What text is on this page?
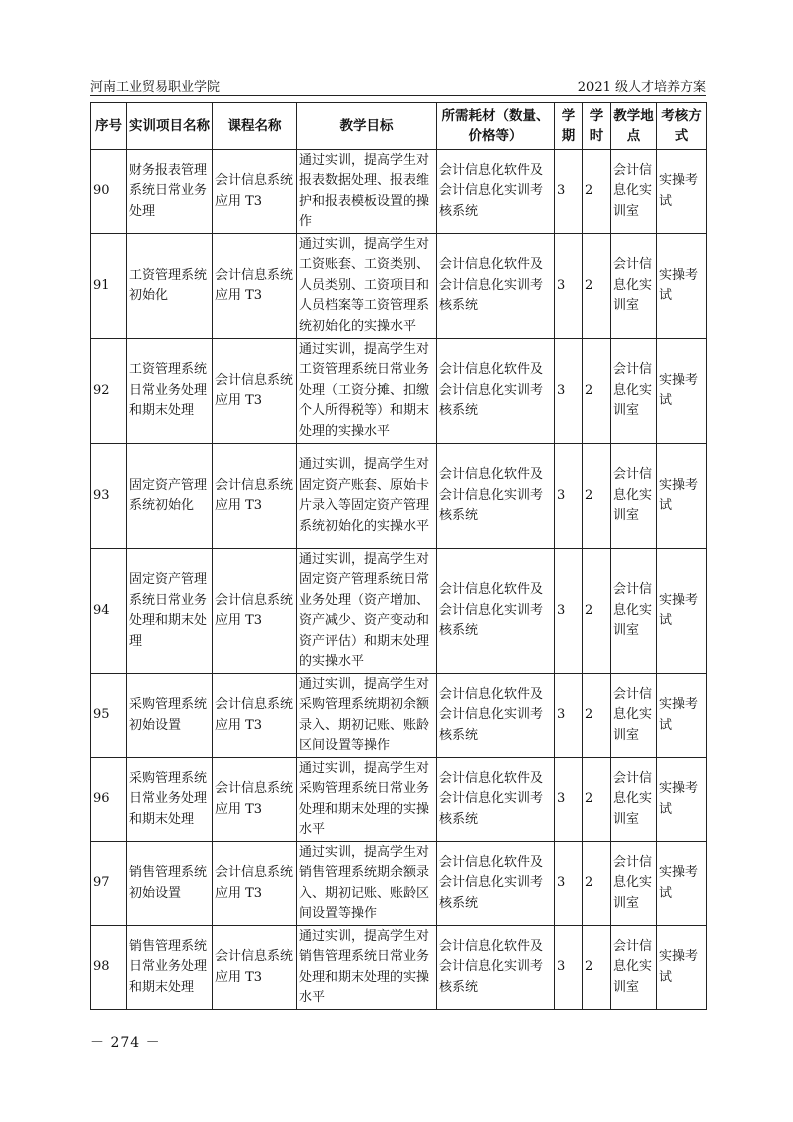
河南工业贸易职业学院	2021 级人才培养方案
序号	实训项目名称	课程名称	教学目标	所需耗材（数量、价格等）	学期	学时	教学地点	考核方式
90	财务报表管理系统日常业务处理	会计信息系统应用 T3	通过实训，提高学生对报表数据处理、报表维护和报表模板设置的操作	会计信息化软件及会计信息化实训考核系统	3	2	会计信息化实训室	实操考试
91	工资管理系统初始化	会计信息系统应用 T3	通过实训，提高学生对工资账套、工资类别、人员类别、工资项目和人员档案等工资管理系统初始化的实操水平	会计信息化软件及会计信息化实训考核系统	3	2	会计信息化实训室	实操考试
92	工资管理系统日常业务处理和期末处理	会计信息系统应用 T3	通过实训，提高学生对工资管理系统日常业务处理（工资分摊、扣缴个人所得税等）和期末处理的实操水平	会计信息化软件及会计信息化实训考核系统	3	2	会计信息化实训室	实操考试
93	固定资产管理系统初始化	会计信息系统应用 T3	通过实训，提高学生对固定资产账套、原始卡片录入等固定资产管理系统初始化的实操水平	会计信息化软件及会计信息化实训考核系统	3	2	会计信息化实训室	实操考试
94	固定资产管理系统日常业务处理和期末处理	会计信息系统应用 T3	通过实训，提高学生对固定资产管理系统日常业务处理（资产增加、资产减少、资产变动和资产评估）和期末处理的实操水平	会计信息化软件及会计信息化实训考核系统	3	2	会计信息化实训室	实操考试
95	采购管理系统初始设置	会计信息系统应用 T3	通过实训，提高学生对采购管理系统期初余额录入、期初记账、账龄区间设置等操作	会计信息化软件及会计信息化实训考核系统	3	2	会计信息化实训室	实操考试
96	采购管理系统日常业务处理和期末处理	会计信息系统应用 T3	通过实训，提高学生对采购管理系统日常业务处理和期末处理的实操水平	会计信息化软件及会计信息化实训考核系统	3	2	会计信息化实训室	实操考试
97	销售管理系统初始设置	会计信息系统应用 T3	通过实训，提高学生对销售管理系统期余额录入、期初记账、账龄区间设置等操作	会计信息化软件及会计信息化实训考核系统	3	2	会计信息化实训室	实操考试
98	销售管理系统日常业务处理和期末处理	会计信息系统应用 T3	通过实训，提高学生对销售管理系统日常业务处理和期末处理的实操水平	会计信息化软件及会计信息化实训考核系统	3	2	会计信息化实训室	实操考试
－ 274 －
